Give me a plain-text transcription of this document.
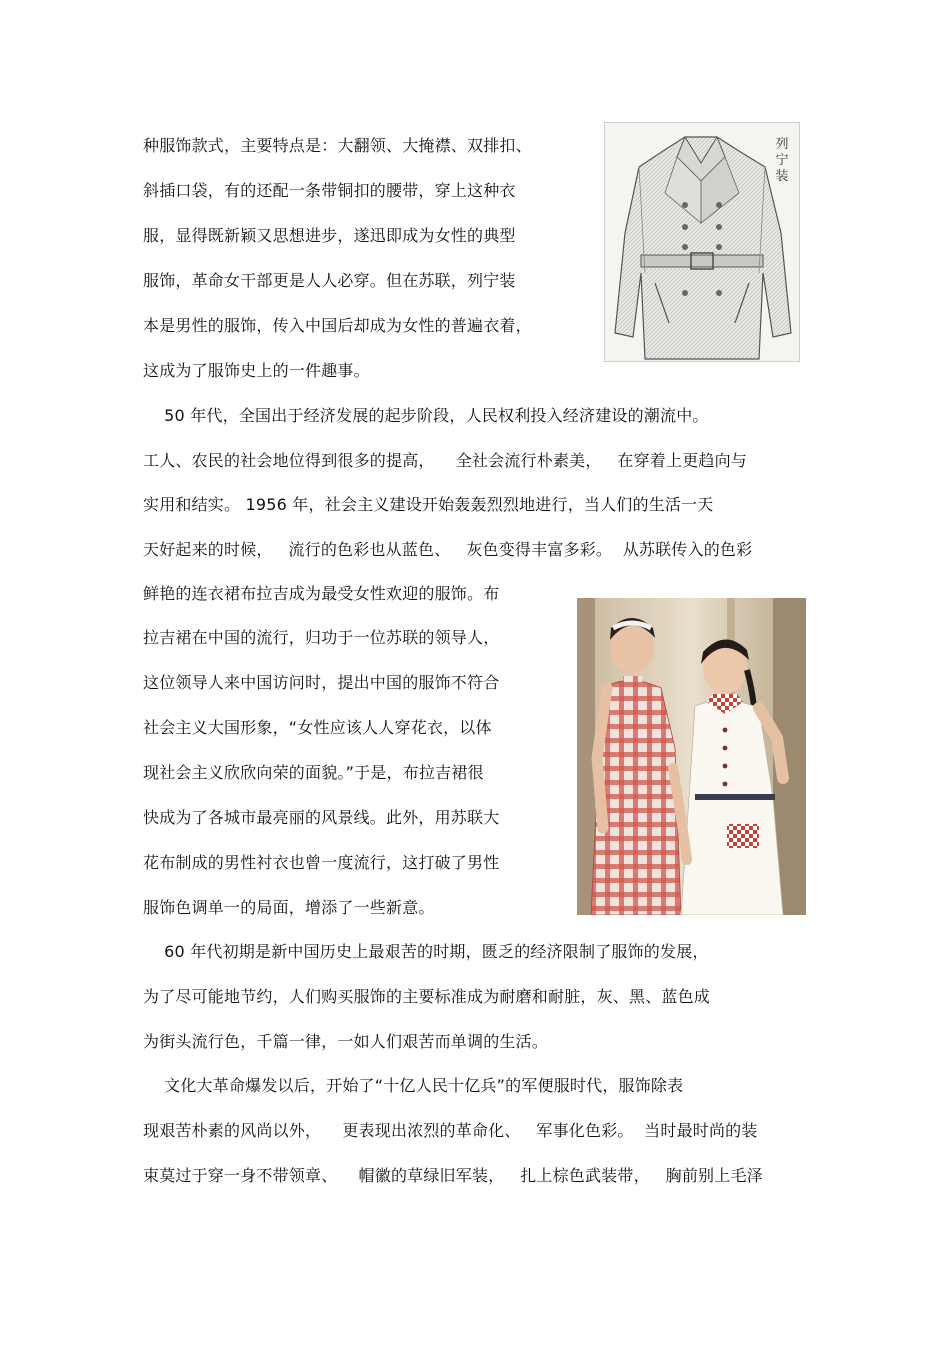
种服饰款式，主要特点是：大翻领、大掩襟、双排扣、
斜插口袋，有的还配一条带铜扣的腰带，穿上这种衣
服，显得既新颖又思想进步，遂迅即成为女性的典型
服饰，革命女干部更是人人必穿。但在苏联，列宁装
本是男性的服饰，传入中国后却成为女性的普遍衣着，
这成为了服饰史上的一件趣事。
50 年代，全国出于经济发展的起步阶段，人民权利投入经济建设的潮流中。
工人、农民的社会地位得到很多的提高，    全社会流行朴素美，   在穿着上更趋向与
实用和结实。 1956 年，社会主义建设开始轰轰烈烈地进行，当人们的生活一天
天好起来的时候，   流行的色彩也从蓝色、   灰色变得丰富多彩。  从苏联传入的色彩
鲜艳的连衣裙布拉吉成为最受女性欢迎的服饰。布
拉吉裙在中国的流行，归功于一位苏联的领导人，
这位领导人来中国访问时，提出中国的服饰不符合
社会主义大国形象，“女性应该人人穿花衣，以体
现社会主义欣欣向荣的面貌。”于是，布拉吉裙很
快成为了各城市最亮丽的风景线。此外，用苏联大
花布制成的男性衬衣也曾一度流行，这打破了男性
服饰色调单一的局面，增添了一些新意。
60 年代初期是新中国历史上最艰苦的时期，匮乏的经济限制了服饰的发展，
为了尽可能地节约，人们购买服饰的主要标准成为耐磨和耐脏，灰、黑、蓝色成
为街头流行色，千篇一律，一如人们艰苦而单调的生活。
文化大革命爆发以后，开始了“十亿人民十亿兵”的军便服时代，服饰除表
现艰苦朴素的风尚以外，    更表现出浓烈的革命化、   军事化色彩。  当时最时尚的装
束莫过于穿一身不带领章、    帽徽的草绿旧军装，   扎上棕色武装带，   胸前别上毛泽
列宁装
